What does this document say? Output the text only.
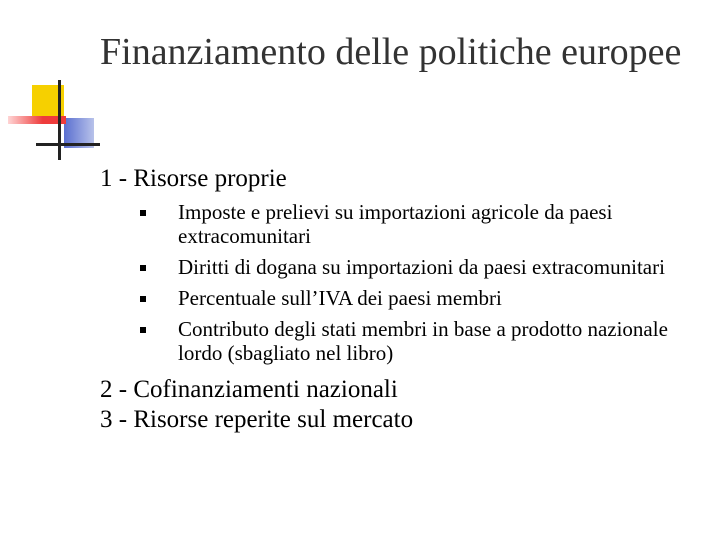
Finanziamento delle politiche europee

1 - Risorse proprie

Imposte e prelievi su importazioni agricole da paesi extracomunitari
Diritti di dogana su importazioni da paesi extracomunitari
Percentuale sull’IVA dei paesi membri
Contributo degli stati membri in base a prodotto nazionale lordo (sbagliato nel libro)

2 - Cofinanziamenti nazionali

3 - Risorse reperite sul mercato
